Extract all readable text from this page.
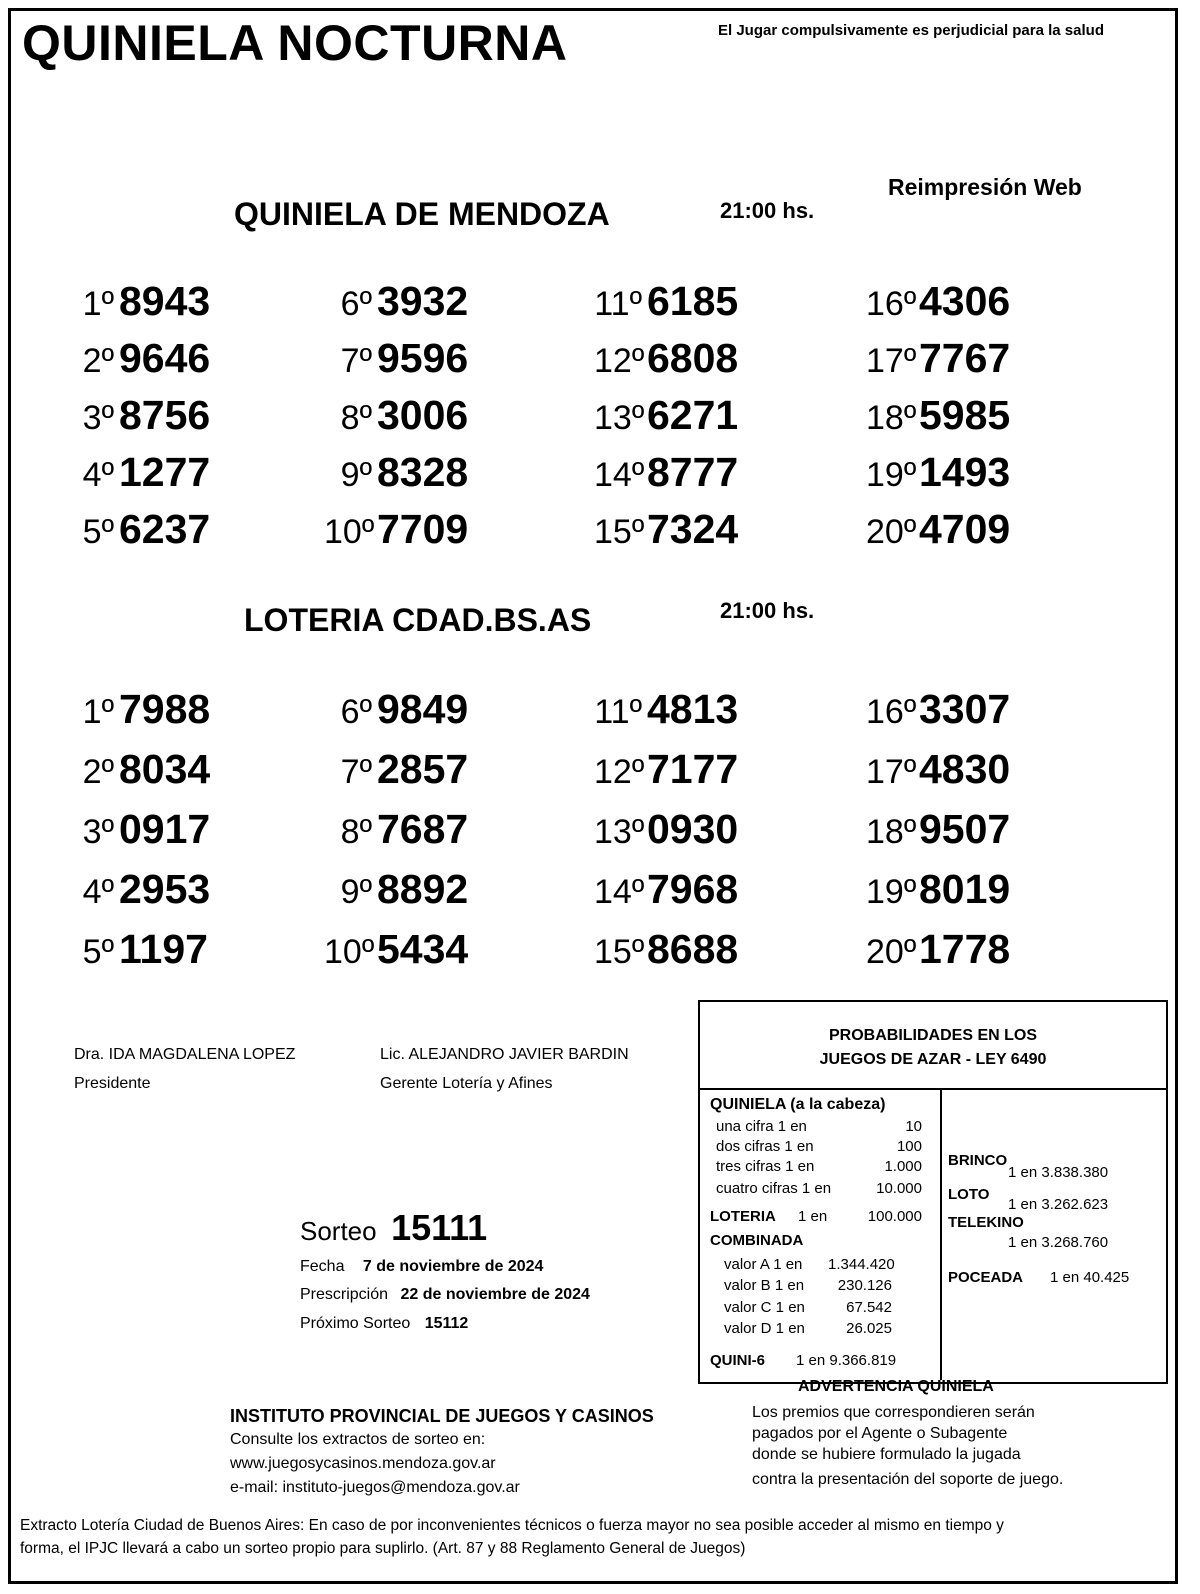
QUINIELA NOCTURNA	El Jugar compulsivamente es perjudicial para la salud
Reimpresión Web
QUINIELA DE MENDOZA	21:00 hs.
1º 8943	6º 3932	11º 6185	16º4306
2º 9646	7º 9596	12º6808	17º7767
3º 8756	8º 3006	13º6271	18º5985
4º 1277	9º 8328	14º8777	19º1493
5º 6237	10º7709	15º7324	20º4709
LOTERIA CDAD.BS.AS	21:00 hs.
1º 7988	6º 9849	11º 4813	16º3307
2º 8034	7º 2857	12º7177	17º4830
3º 0917	8º 7687	13º0930	18º9507
4º 2953	9º 8892	14º7968	19º8019
5º 1197	10º5434	15º8688	20º1778
Dra. IDA MAGDALENA LOPEZ
Presidente
Lic. ALEJANDRO JAVIER BARDIN
Gerente Lotería y Afines
Sorteo 15111
Fecha 7 de noviembre de 2024
Prescripción 22 de noviembre de 2024
Próximo Sorteo 15112
PROBABILIDADES EN LOS
JUEGOS DE AZAR - LEY 6490
QUINIELA (a la cabeza)
una cifra 1 en	10
dos cifras 1 en	100
tres cifras 1 en	1.000
cuatro cifras 1 en	10.000
LOTERIA 1 en	100.000
COMBINADA
valor A 1 en 1.344.420
valor B 1 en	230.126
valor C 1 en	67.542
valor D 1 en	26.025
QUINI-6 1 en 9.366.819
BRINCO
1 en 3.838.380
LOTO
1 en 3.262.623
TELEKINO
1 en 3.268.760
POCEADA 1 en 40.425
ADVERTENCIA QUINIELA
Los premios que correspondieren serán
pagados por el Agente o Subagente
donde se hubiere formulado la jugada
contra la presentación del soporte de juego.
INSTITUTO PROVINCIAL DE JUEGOS Y CASINOS
Consulte los extractos de sorteo en:
www.juegosycasinos.mendoza.gov.ar
e-mail: instituto-juegos@mendoza.gov.ar
Extracto Lotería Ciudad de Buenos Aires: En caso de por inconvenientes técnicos o fuerza mayor no sea posible acceder al mismo en tiempo y
forma, el IPJC llevará a cabo un sorteo propio para suplirlo. (Art. 87 y 88 Reglamento General de Juegos)
